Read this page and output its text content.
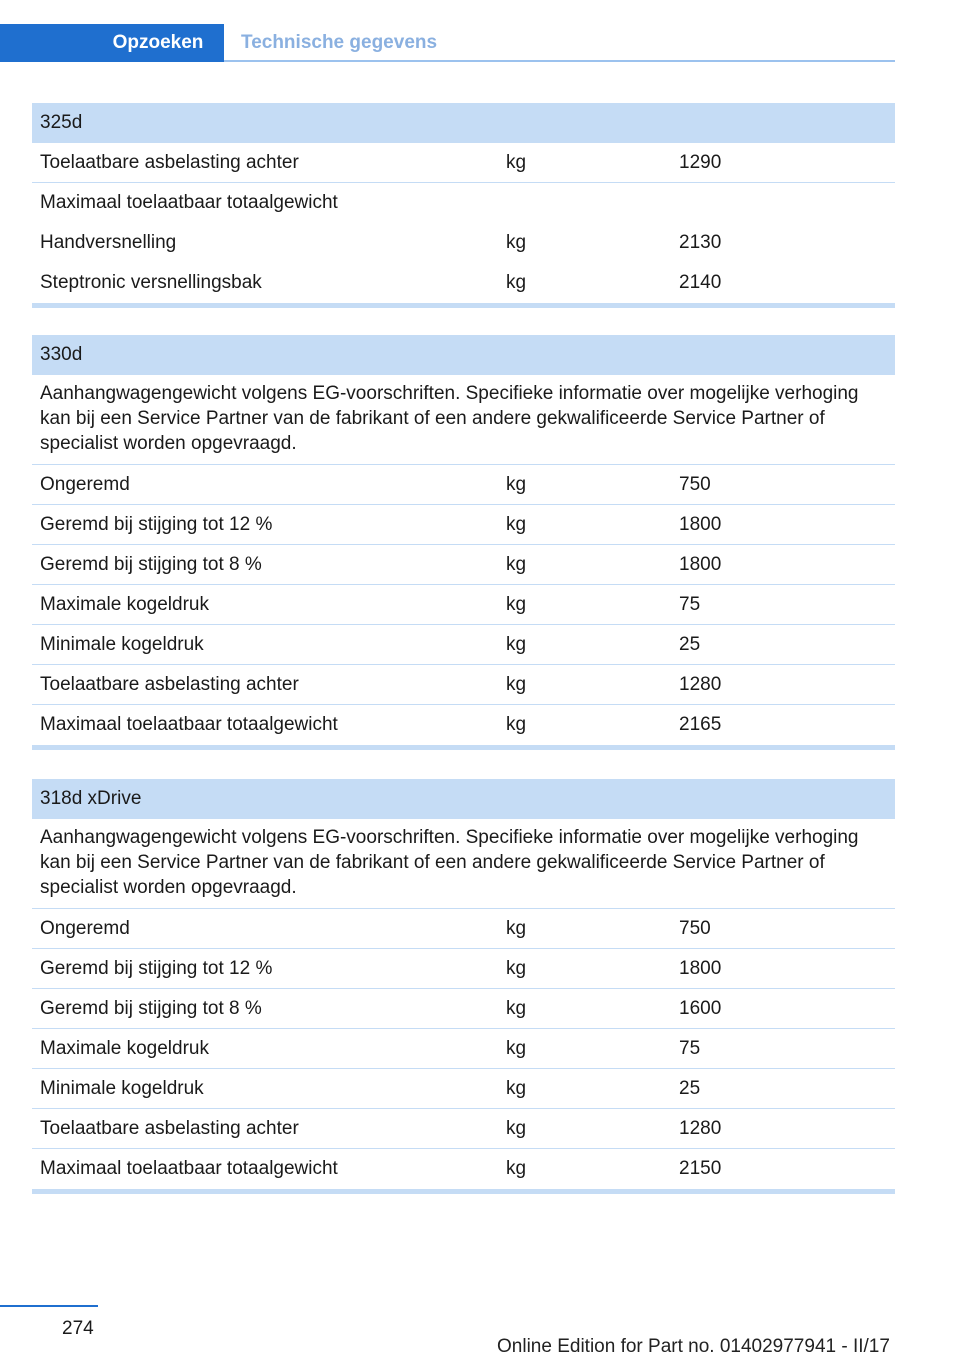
Opzoeken	Technische gegevens
325d
Toelaatbare asbelasting achter	kg	1290
Maximaal toelaatbaar totaalgewicht
Handversnelling	kg	2130
Steptronic versnellingsbak	kg	2140
330d
Aanhangwagengewicht volgens EG-voorschriften. Specifieke informatie over mogelijke verhoging kan bij een Service Partner van de fabrikant of een andere gekwalificeerde Service Partner of specialist worden opgevraagd.
Ongeremd	kg	750
Geremd bij stijging tot 12 %	kg	1800
Geremd bij stijging tot 8 %	kg	1800
Maximale kogeldruk	kg	75
Minimale kogeldruk	kg	25
Toelaatbare asbelasting achter	kg	1280
Maximaal toelaatbaar totaalgewicht	kg	2165
318d xDrive
Aanhangwagengewicht volgens EG-voorschriften. Specifieke informatie over mogelijke verhoging kan bij een Service Partner van de fabrikant of een andere gekwalificeerde Service Partner of specialist worden opgevraagd.
Ongeremd	kg	750
Geremd bij stijging tot 12 %	kg	1800
Geremd bij stijging tot 8 %	kg	1600
Maximale kogeldruk	kg	75
Minimale kogeldruk	kg	25
Toelaatbare asbelasting achter	kg	1280
Maximaal toelaatbaar totaalgewicht	kg	2150
274
Online Edition for Part no. 01402977941 - II/17
